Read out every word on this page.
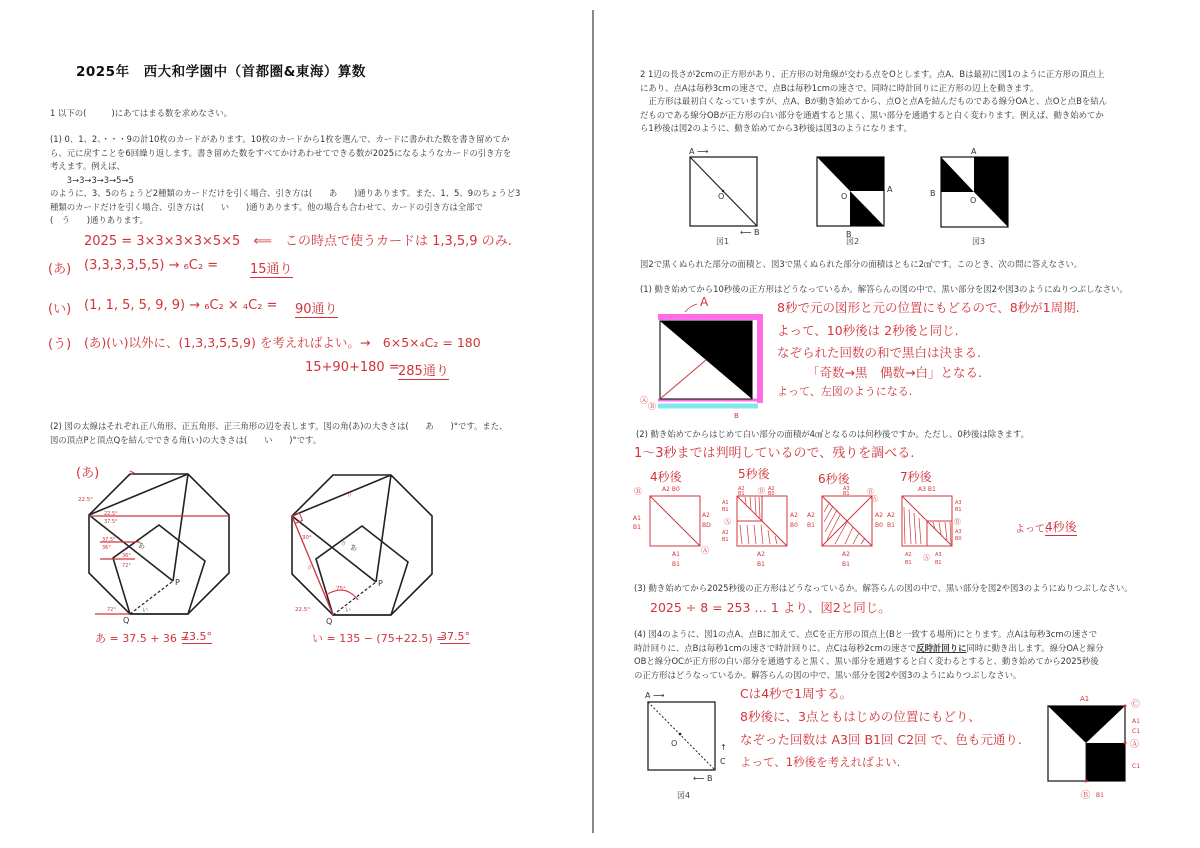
2025年　西大和学園中（首都圏&東海）算数
1 以下の(　　　)にあてはまる数を求めなさい。
(1) 0、1、2、・・・9の計10枚のカードがあります。10枚のカードから1枚を選んで、カードに書かれた数を書き留めてか
ら、元に戻すことを6回繰り返します。書き留めた数をすべてかけあわせてできる数が2025になるようなカードの引き方を
考えます。例えば、
　　3→3→3→3→5→5
のように、3、5のちょうど2種類のカードだけを引く場合、引き方は(　　あ　　)通りあります。また、1、5、9のちょうど3
種類のカードだけを引く場合、引き方は(　　い　　)通りあります。他の場合も合わせて、カードの引き方は全部で
(　う　　)通りあります。
2025 = 3×3×3×3×5×5　⟸　この時点で使うカードは 1,3,5,9 のみ.
(あ) (3,3,3,3,5,5) → ₆C₂ = 15通り
(い) (1, 1, 5, 5, 9, 9) → ₆C₂ × ₄C₂ = 90通り
(う) (あ)(い)以外に、(1,3,3,5,5,9) を考えればよい。→　6×5×₄C₂ = 180
15+90+180 =
285通り
(2) 図の太線はそれぞれ正八角形、正五角形、正三角形の辺を表します。図の角(あ)の大きさは(　　あ　　)°です。また、
図の頂点Pと頂点Qを結んでできる角(い)の大きさは(　　い　　)°です。
(あ)
22.5°
22.5°
37.5°
37.5°
36°
36°
72°
72°
あ
P
Q
い
あ = 37.5 + 36 =
73.5°
30°
75°
22.5°
//
//
//
あ
P
Q
い
い = 135 − (75+22.5) =
37.5°
2 1辺の長さが2cmの正方形があり、正方形の対角線が交わる点をOとします。点A、Bは最初に図1のように正方形の頂点上
にあり、点Aは毎秒3cmの速さで、点Bは毎秒1cmの速さで、同時に時計回りに正方形の辺上を動きます。
　正方形は最初白くなっていますが、点A、Bが動き始めてから、点Oと点Aを結んだものである線分OAと、点Oと点Bを結ん
だものである線分OBが正方形の白い部分を通過すると黒く、黒い部分を通過すると白く変わります。例えば、動き始めてか
ら1秒後は図2のように、動き始めてから3秒後は図3のようになります。
A ⟶
O
⟵ B
図1
O
A
B
図2
A
B
O
図3
図2で黒くぬられた部分の面積と、図3で黒くぬられた部分の面積はともに2㎠です。このとき、次の問に答えなさい。
(1) 動き始めてから10秒後の正方形はどうなっているか。解答らんの図の中で、黒い部分を図2や図3のようにぬりつぶしなさい。
A
Ⓐ
Ⓑ
B
8秒で元の図形と元の位置にもどるので、8秒が1周期.
よって、10秒後は 2秒後と同じ.
なぞられた回数の和で黒白は決まる.
「奇数→黒　偶数→白」となる.
よって、左図のようになる.
(2) 動き始めてからはじめて白い部分の面積が4㎠となるのは何秒後ですか。ただし、0秒後は除きます。
1〜3秒までは判明しているので、残りを調べる.
4秒後	5秒後	6秒後	7秒後
Ⓑ	A2 B0
A1
B1
A2
BD
A1
B1
Ⓐ
A2
B1 Ⓑ A2
B0
A1
B1
Ⓐ
A2
B1
A2
B0
A2
B1
A3
B1 Ⓑ
Ⓐ
A2
B1
A2
B0
A2
B1
A3 B1
A2
B1
A3
B1
Ⓑ
A3
B0
A2
B1
Ⓐ A3
B1
よって、
4秒後
(3) 動き始めてから2025秒後の正方形はどうなっているか。解答らんの図の中で、黒い部分を図2や図3のようにぬりつぶしなさい。
2025 ÷ 8 = 253 … 1 より、図2と同じ。
(4) 図4のように、図1の点A、点Bに加えて、点Cを正方形の頂点上(Bと一致する場所)にとります。点Aは毎秒3cmの速さで
時計回りに、点Bは毎秒1cmの速さで時計回りに、点Cは毎秒2cmの速さで反時計回りに同時に動き出します。線分OAと線分
OBと線分OCが正方形の白い部分を通過すると黒く、黒い部分を通過すると白く変わるとすると、動き始めてから2025秒後
の正方形はどうなっているか。解答らんの図の中で、黒い部分を図2や図3のようにぬりつぶしなさい。
A ⟶
O	↑
C
⟵ B
図4
Cは4秒で1周する。
8秒後に、3点ともはじめの位置にもどり、
なぞった回数は A3回 B1回 C2回 で、色も元通り.
よって、1秒後を考えればよい.
A1
Ⓒ
A1
C1
Ⓐ
C1
Ⓑ B1
